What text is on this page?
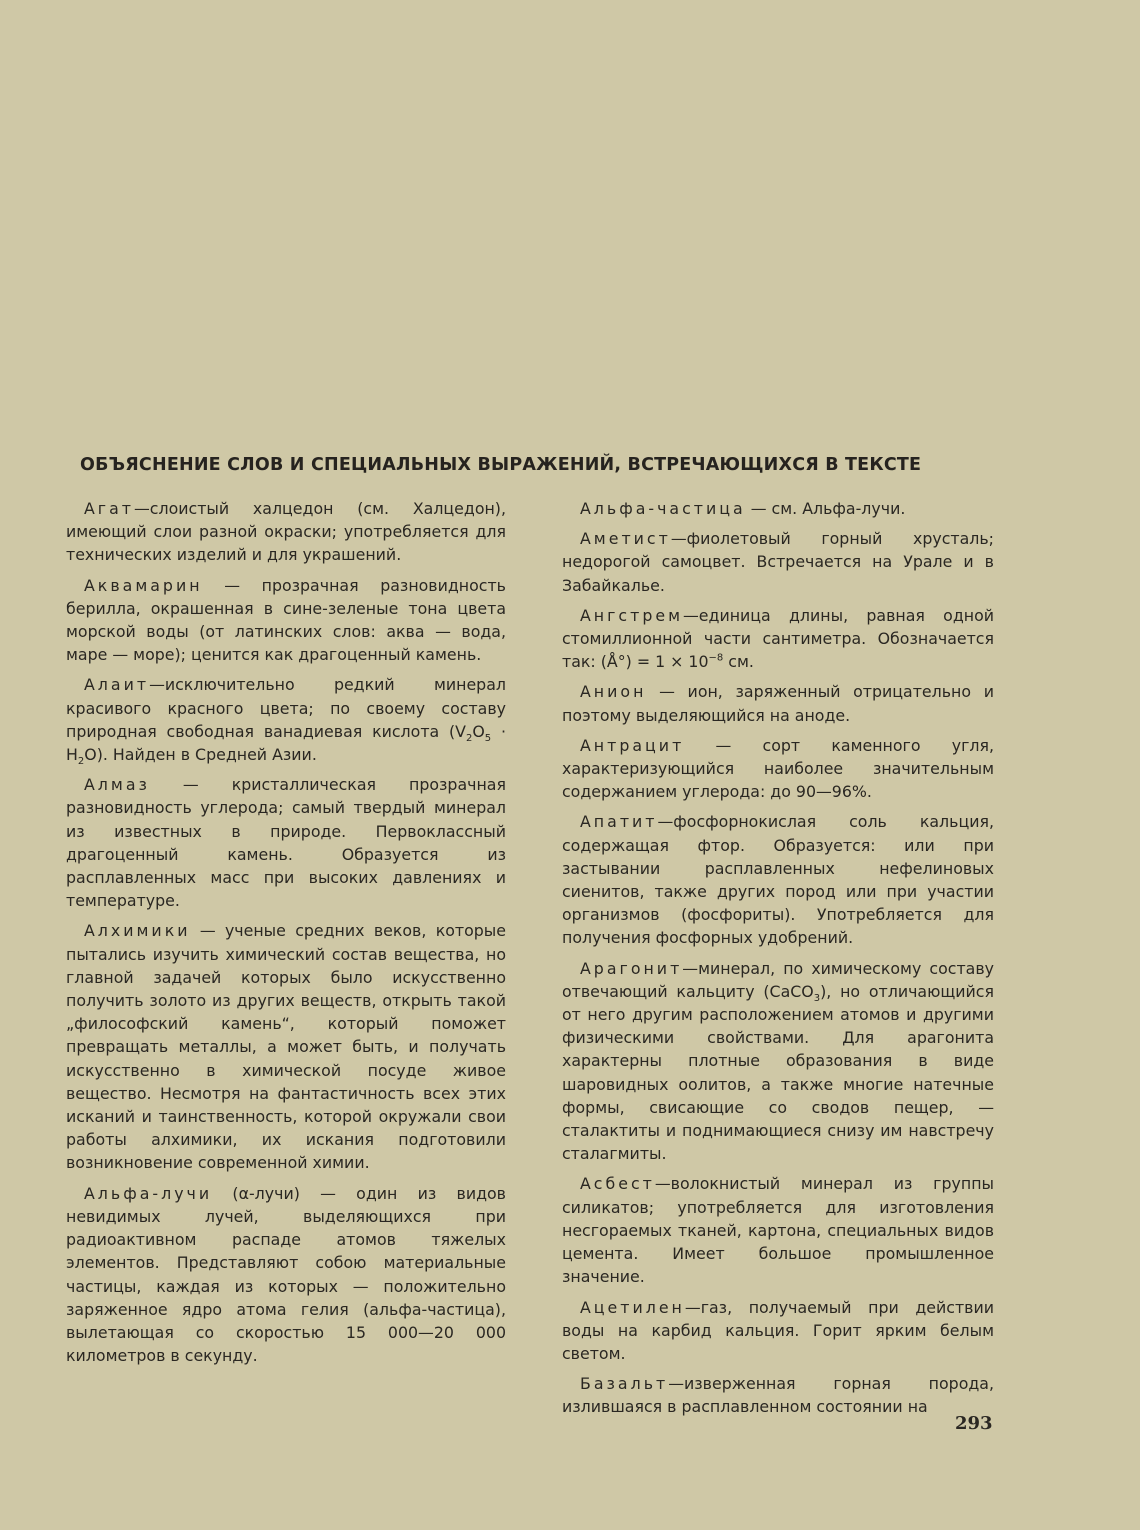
ОБЪЯСНЕНИЕ СЛОВ И СПЕЦИАЛЬНЫХ ВЫРАЖЕНИЙ, ВСТРЕЧАЮЩИХСЯ В ТЕКСТЕ

Агат—слоистый халцедон (см. Халцедон), имеющий слои разной окраски; употребляется для технических изделий и для украшений.

Аквамарин — прозрачная разновидность берилла, окрашенная в сине-зеленые тона цвета морской воды (от латинских слов: аква — вода, маре — море); ценится как драгоценный камень.

Алаит—исключительно редкий минерал красивого красного цвета; по своему составу природная свободная ванадиевая кислота $(V_2O_5 \cdot H_2O)$. Найден в Средней Азии.

Алмаз — кристаллическая прозрачная разновидность углерода; самый твердый минерал из известных в природе. Первоклассный драгоценный камень. Образуется из расплавленных масс при высоких давлениях и температуре.

Алхимики — ученые средних веков, которые пытались изучить химический состав вещества, но главной задачей которых было искусственно получить золото из других веществ, открыть такой „философский камень“, который поможет превращать металлы, а может быть, и получать искусственно в химической посуде живое вещество. Несмотря на фантастичность всех этих исканий и таинственность, которой окружали свои работы алхимики, их искания подготовили возникновение современной химии.

Альфа-лучи (α-лучи) — один из видов невидимых лучей, выделяющихся при радиоактивном распаде атомов тяжелых элементов. Представляют собою материальные частицы, каждая из которых — положительно заряженное ядро атома гелия (альфа-частица), вылетающая со скоростью 15 000—20 000 километров в секунду.

Альфа-частица — см. Альфа-лучи.

Аметист—фиолетовый горный хрусталь; недорогой самоцвет. Встречается на Урале и в Забайкалье.

Ангстрем—единица длины, равная одной стомиллионной части сантиметра. Обозначается так: (Å°) = $1 \times 10^{-8}$ см.

Анион — ион, заряженный отрицательно и поэтому выделяющийся на аноде.

Антрацит — сорт каменного угля, характеризующийся наиболее значительным содержанием углерода: до 90—96%.

Апатит—фосфорнокислая соль кальция, содержащая фтор. Образуется: или при застывании расплавленных нефелиновых сиенитов, также других пород или при участии организмов (фосфориты). Употребляется для получения фосфорных удобрений.

Арагонит—минерал, по химическому составу отвечающий кальциту (CaCO$_3$), но отличающийся от него другим расположением атомов и другими физическими свойствами. Для арагонита характерны плотные образования в виде шаровидных оолитов, а также многие натечные формы, свисающие со сводов пещер, — сталактиты и поднимающиеся снизу им навстречу сталагмиты.

Асбест—волокнистый минерал из группы силикатов; употребляется для изготовления несгораемых тканей, картона, специальных видов цемента. Имеет большое промышленное значение.

Ацетилен—газ, получаемый при действии воды на карбид кальция. Горит ярким белым светом.

Базальт—изверженная горная порода, излившаяся в расплавленном состоянии на

293
